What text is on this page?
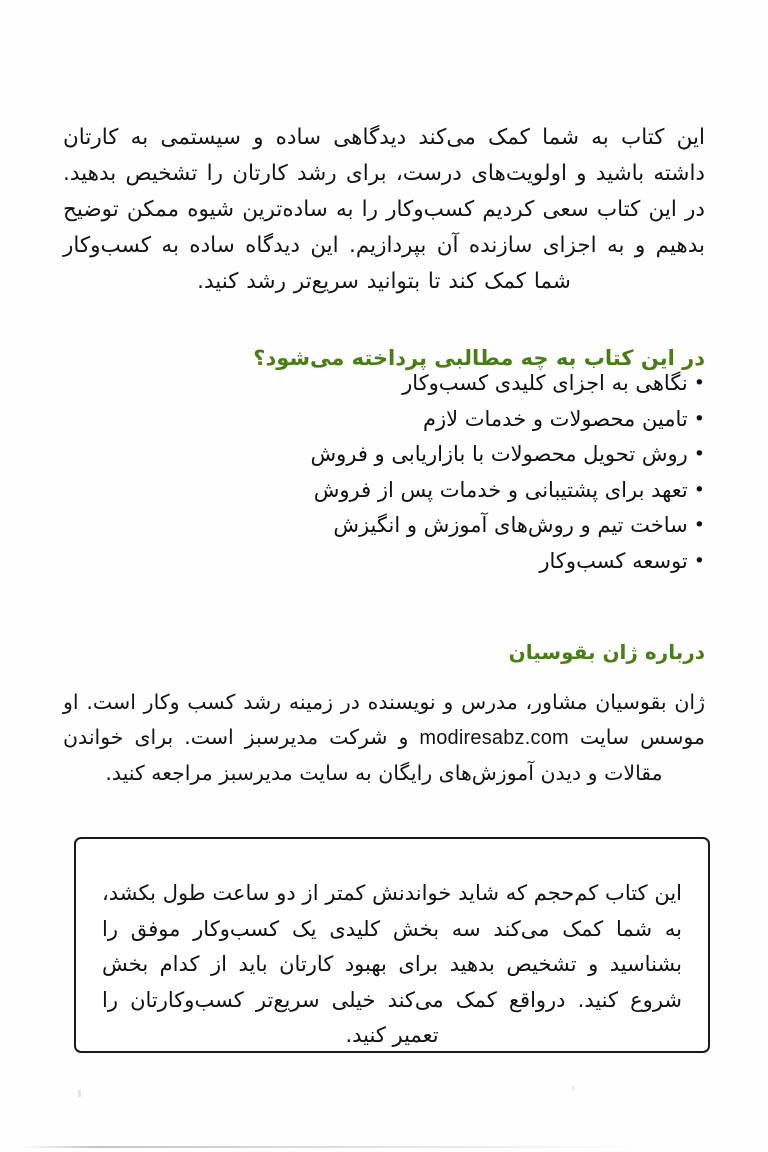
این کتاب به شما کمک می‌کند دیدگاهی ساده و سیستمی به کارتان داشته باشید و اولویت‌های درست، برای رشد کارتان را تشخیص بدهید. در این کتاب سعی کردیم کسب‌وکار را به ساده‌ترین شیوه ممکن توضیح بدهیم و به اجزای سازنده آن بپردازیم. این دیدگاه ساده به کسب‌وکار شما کمک کند تا بتوانید سریع‌تر رشد کنید.

در این کتاب به چه مطالبی پرداخته می‌شود؟
•نگاهی به اجزای کلیدی کسب‌وکار
•تامین محصولات و خدمات لازم
•روش تحویل محصولات با بازاریابی و فروش
•تعهد برای پشتیبانی و خدمات پس از فروش
•ساخت تیم و روش‌های آموزش و انگیزش
•توسعه کسب‌وکار
درباره ژان بقوسیان

ژان بقوسیان مشاور، مدرس و نویسنده در زمینه رشد کسب وکار است. او موسس سایت modiresabz.com و شرکت مدیرسبز است. برای خواندن مقالات و دیدن آموزش‌های رایگان به سایت مدیرسبز مراجعه کنید.

این کتاب کم‌حجم که شاید خواندنش کمتر از دو ساعت طول بکشد، به شما کمک می‌کند سه بخش کلیدی یک کسب‌وکار موفق را بشناسید و تشخیص بدهید برای بهبود کارتان باید از کدام بخش شروع کنید. درواقع کمک می‌کند خیلی سریع‌تر کسب‌وکارتان را تعمیر کنید.
